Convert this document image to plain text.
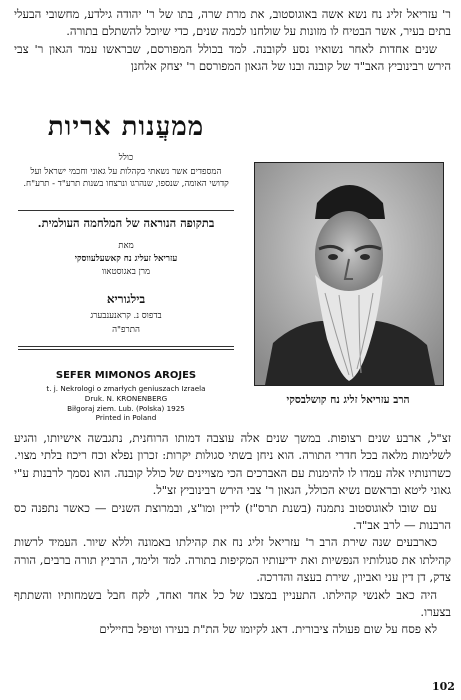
ר' עזריאל זליג נח נשא אשה באוגוסטוב, את מרת שרה, בתו של ר' יהודה גילדע, מחשובי הבעלי בתים בעיר, אשר הבטיח לו מזונות על שולחנו לכמה שנים, כדי שיוכל להשתלם בתורה.

שנים אחדות לאחר נשואיו נסע לקובנה. למד בכולל המפורסם, שבראשו עמד הגאון ר' צבי הירש רבינוביץ האב"ד של קובנה ובנו של הגאון המפורסם ר' יצחק אלחנן

ממעֲנות אריות
כולל
המספדים אשר נשאתי בקהלות על גאוני וחכמי ישראל ועל קדושי האומה, שנספו, שנהרגו ונרצחו בשנות תרע"ד - תרע"ח.
בתקופה הנוראה של המלחמה העולמית.
מאת
עזריאל זעליג נח קאשעלעווסקי
מרן באגוסטאוו
בילגוריא
בדפוס נ. קראנענבערג
התרפ"ה
SEFER MIMONOS AROJES
t. j. Nekrologi o zmarłych geniuszach Izraela
Druk. N. KRONENBERG
Biłgoraj ziem. Lub. (Polska) 1925
Printed in Poland
הרב עזריאל זליג נח קושלבסקי

זצ"ל, ארבע שנים רצופות. במשך שנים אלה עוצבה דמותו הרוחנית, נתגבשה אישיותו, והגיע לשלימות מלאה בכל חדרי התורה. הוא ניחן בשתי סגולות יקרות: זכרון נפלא וכח ריכוז בלתי מצוי. כשרונותיו אלה עמדו לו להימנות עם האברכים הכי מצויינים של כולל קובנה. הוא נסמך לרבנות ע"י גאוני ליטא ובראשם נשיא הכולל, הגאון ר' צבי הירש רבינוביץ זצ"ל.

עם שובו לאוגוסטוב נתמנה (בשנת תרס"ז) לדיין ומו"צ, ובמרוצת השנים — כאשר נתפנה כס הרבנות — לרב אב"ד.

כארבעים שנה שירת הרב ר' עזריאל זליג נח את קהילתו באמונה וללא שיור. העמיד לרשות קהילתו את סגולותיו הנפשיות ואת ידיעותיו המקיפות בתורה. למד ולימד, הרביץ תורה ברבים, הורה צדק, דן דין עני ואביון, שירת בעצה והדרכה.

היה כאב לאנשי קהילתו. התעניין במצבו של כל אחד ואחד, לקח חבל בשמחותיו והשתתף בצערו.

לא פסח על שום פעולה ציבורית. דאג לקיומו של הת"ת בעירו וטיפל בחיילים

102
